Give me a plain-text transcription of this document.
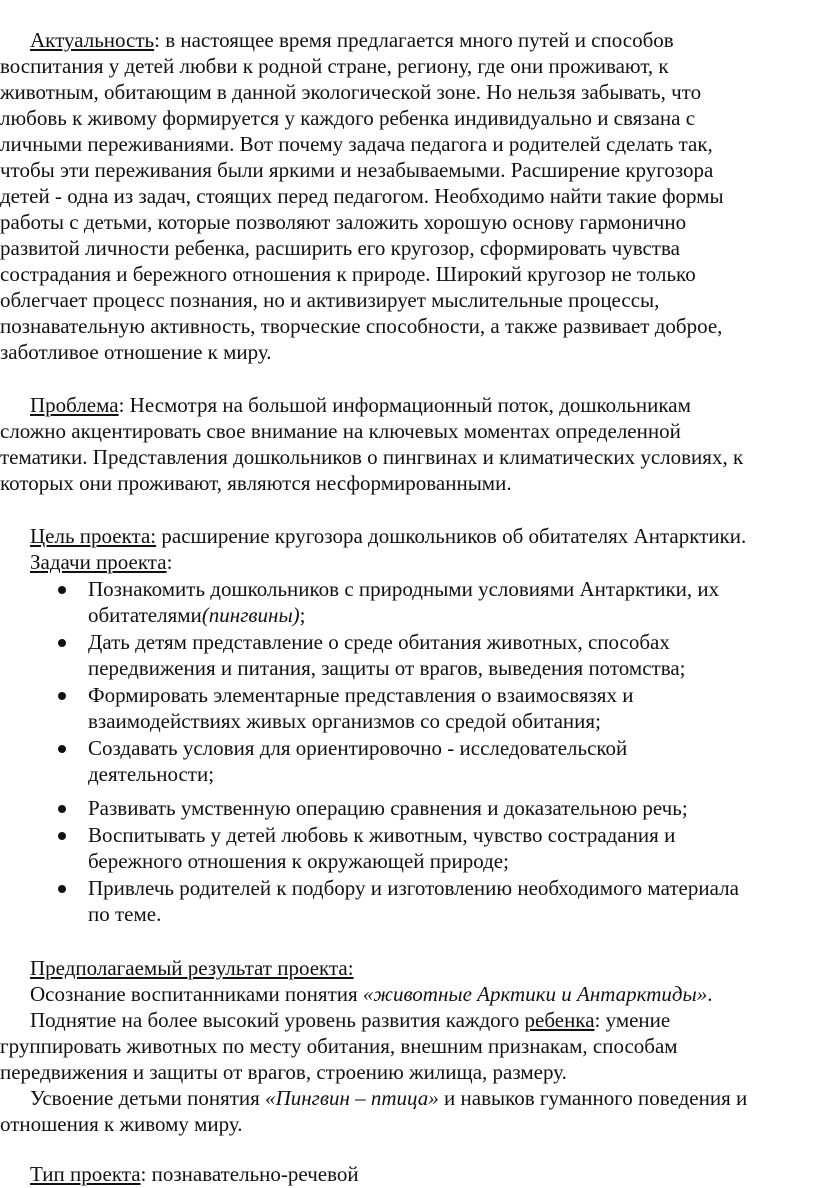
Актуальность: в настоящее время предлагается много путей и способов
воспитания у детей любви к родной стране, региону, где они проживают, к
животным, обитающим в данной экологической зоне. Но нельзя забывать, что
любовь к живому формируется у каждого ребенка индивидуально и связана с
личными переживаниями. Вот почему задача педагога и родителей сделать так,
чтобы эти переживания были яркими и незабываемыми. Расширение кругозора
детей - одна из задач, стоящих перед педагогом. Необходимо найти такие формы
работы с детьми, которые позволяют заложить хорошую основу гармонично
развитой личности ребенка, расширить его кругозор, сформировать чувства
сострадания и бережного отношения к природе. Широкий кругозор не только
облегчает процесс познания, но и активизирует мыслительные процессы,
познавательную активность, творческие способности, а также развивает доброе,
заботливое отношение к миру.
Проблема: Несмотря на большой информационный поток, дошкольникам
сложно акцентировать свое внимание на ключевых моментах определенной
тематики. Представления дошкольников о пингвинах и климатических условиях, к
которых они проживают, являются несформированными.
Цель проекта: расширение кругозора дошкольников об обитателях Антарктики.
Задачи проекта:
Познакомить дошкольников с природными условиями Антарктики, их
обитателями(пингвины);
Дать детям представление о среде обитания животных, способах
передвижения и питания, защиты от врагов, выведения потомства;
Формировать элементарные представления о взаимосвязях и
взаимодействиях живых организмов со средой обитания;
Создавать условия для ориентировочно - исследовательской
деятельности;
Развивать умственную операцию сравнения и доказательною речь;
Воспитывать у детей любовь к животным, чувство сострадания и
бережного отношения к окружающей природе;
Привлечь родителей к подбору и изготовлению необходимого материала
по теме.
Предполагаемый результат проекта:
Осознание воспитанниками понятия «животные Арктики и Антарктиды».
Поднятие на более высокий уровень развития каждого ребенка: умение
группировать животных по месту обитания, внешним признакам, способам
передвижения и защиты от врагов, строению жилища, размеру.
Усвоение детьми понятия «Пингвин – птица» и навыков гуманного поведения и
отношения к живому миру.
Тип проекта: познавательно-речевой
